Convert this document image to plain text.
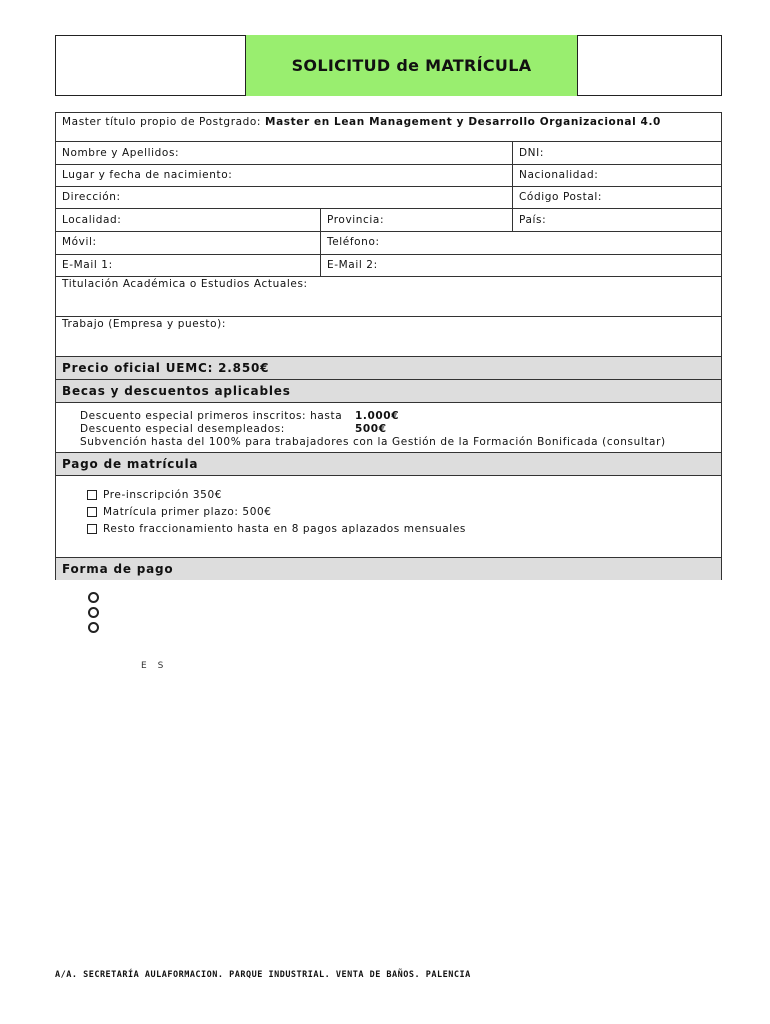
SOLICITUD de MATRÍCULA
Master título propio de Postgrado: Master en Lean Management y Desarrollo Organizacional 4.0
Nombre y Apellidos:	DNI:
Lugar y fecha de nacimiento:	Nacionalidad:
Dirección:	Código Postal:
Localidad:	Provincia:	País:
Móvil:	Teléfono:
E-Mail 1:	E-Mail 2:
Titulación Académica o Estudios Actuales:
Trabajo (Empresa y puesto):
Precio oficial UEMC: 2.850€
Becas y descuentos aplicables
Descuento especial primeros inscritos: hasta 1.000€
Descuento especial desempleados:	500€
Subvención hasta del 100% para trabajadores con la Gestión de la Formación Bonificada (consultar)
Pago de matrícula
Pre-inscripción 350€
Matrícula primer plazo: 500€
Resto fraccionamiento hasta en 8 pagos aplazados mensuales
Forma de pago
E   S
A/A. SECRETARÍA AULAFORMACION. PARQUE INDUSTRIAL. VENTA DE BAÑOS. PALENCIA
